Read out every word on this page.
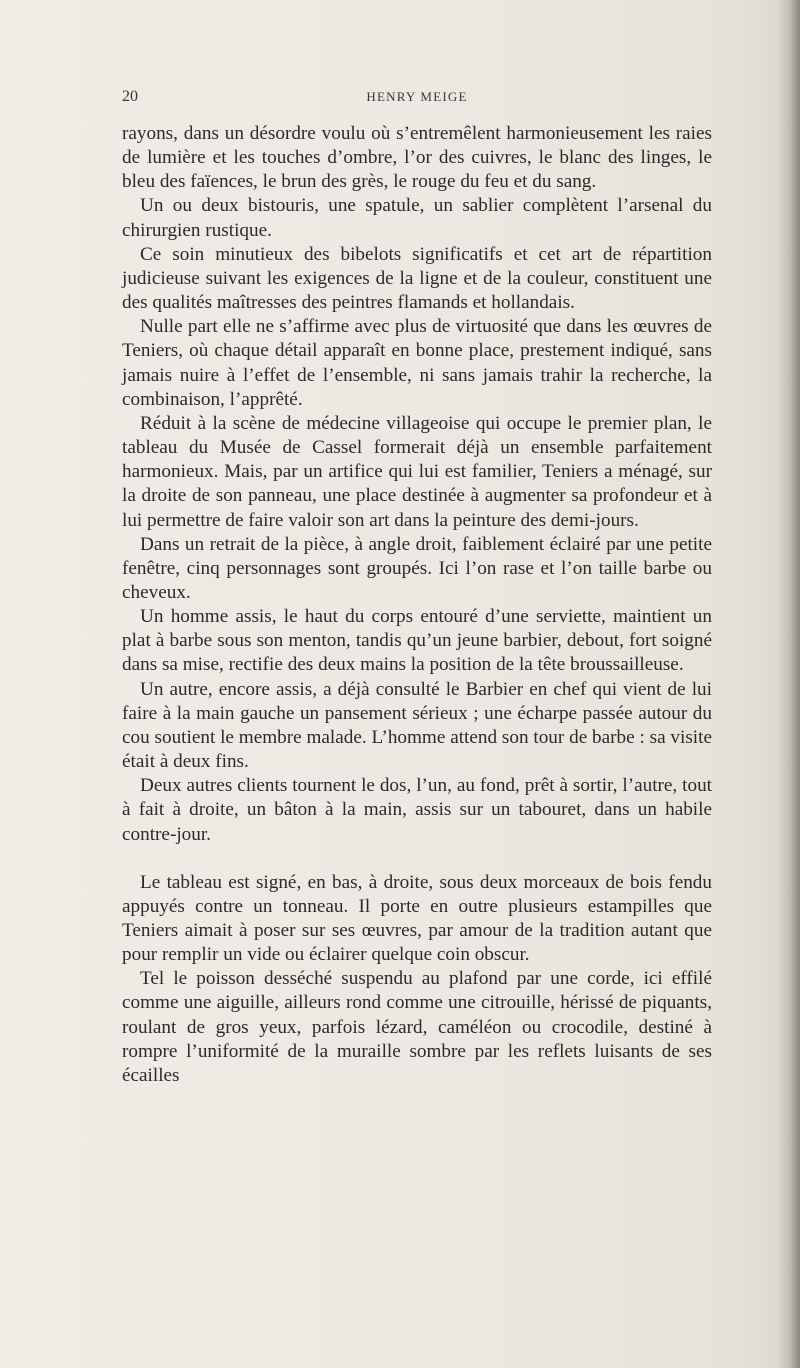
20	HENRY MEIGE

rayons, dans un désordre voulu où s’entremêlent harmonieusement les raies de lumière et les touches d’ombre, l’or des cuivres, le blanc des linges, le bleu des faïences, le brun des grès, le rouge du feu et du sang.

Un ou deux bistouris, une spatule, un sablier complètent l’arsenal du chirurgien rustique.

Ce soin minutieux des bibelots significatifs et cet art de répartition judicieuse suivant les exigences de la ligne et de la couleur, constituent une des qualités maîtresses des peintres flamands et hollandais.

Nulle part elle ne s’affirme avec plus de virtuosité que dans les œuvres de Teniers, où chaque détail apparaît en bonne place, prestement indiqué, sans jamais nuire à l’effet de l’ensemble, ni sans jamais trahir la recherche, la combinaison, l’apprêté.

Réduit à la scène de médecine villageoise qui occupe le premier plan, le tableau du Musée de Cassel formerait déjà un ensemble parfaitement harmonieux. Mais, par un artifice qui lui est familier, Teniers a ménagé, sur la droite de son panneau, une place destinée à augmenter sa profondeur et à lui permettre de faire valoir son art dans la peinture des demi-jours.

Dans un retrait de la pièce, à angle droit, faiblement éclairé par une petite fenêtre, cinq personnages sont groupés. Ici l’on rase et l’on taille barbe ou cheveux.

Un homme assis, le haut du corps entouré d’une serviette, maintient un plat à barbe sous son menton, tandis qu’un jeune barbier, debout, fort soigné dans sa mise, rectifie des deux mains la position de la tête broussailleuse.

Un autre, encore assis, a déjà consulté le Barbier en chef qui vient de lui faire à la main gauche un pansement sérieux ; une écharpe passée autour du cou soutient le membre malade. L’homme attend son tour de barbe : sa visite était à deux fins.

Deux autres clients tournent le dos, l’un, au fond, prêt à sortir, l’autre, tout à fait à droite, un bâton à la main, assis sur un tabouret, dans un habile contre-jour.

Le tableau est signé, en bas, à droite, sous deux morceaux de bois fendu appuyés contre un tonneau. Il porte en outre plusieurs estampilles que Teniers aimait à poser sur ses œuvres, par amour de la tradition autant que pour remplir un vide ou éclairer quelque coin obscur.

Tel le poisson desséché suspendu au plafond par une corde, ici effilé comme une aiguille, ailleurs rond comme une citrouille, hérissé de piquants, roulant de gros yeux, parfois lézard, caméléon ou crocodile, destiné à rompre l’uniformité de la muraille sombre par les reflets luisants de ses écailles
